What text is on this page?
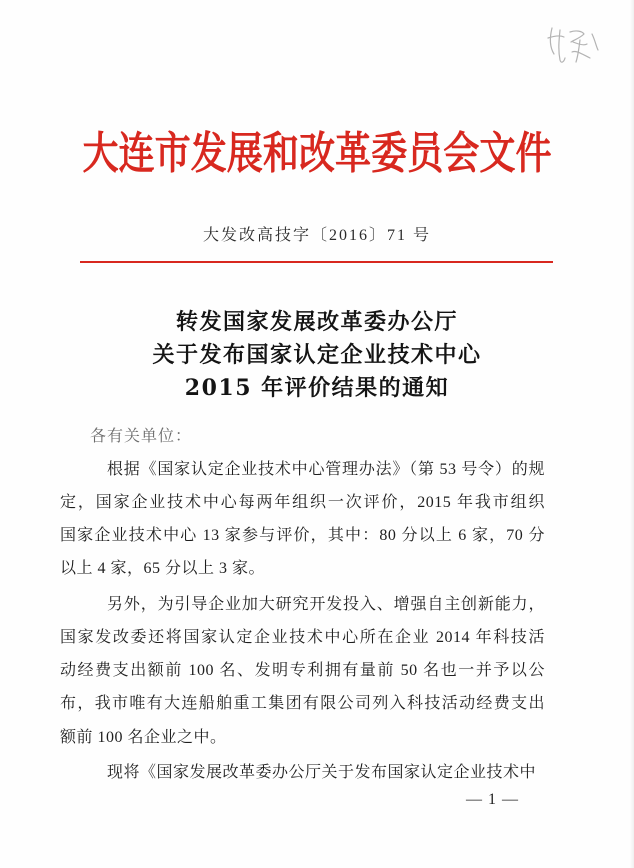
大连市发展和改革委员会文件
大发改高技字〔2016〕71 号
转发国家发展改革委办公厅
关于发布国家认定企业技术中心
2015 年评价结果的通知
各有关单位：
根据《国家认定企业技术中心管理办法》（第 53 号令）的规
定，国家企业技术中心每两年组织一次评价，2015 年我市组织
国家企业技术中心 13 家参与评价，其中：80 分以上 6 家，70 分
以上 4 家，65 分以上 3 家。
另外，为引导企业加大研究开发投入、增强自主创新能力，
国家发改委还将国家认定企业技术中心所在企业 2014 年科技活
动经费支出额前 100 名、发明专利拥有量前 50 名也一并予以公
布，我市唯有大连船舶重工集团有限公司列入科技活动经费支出
额前 100 名企业之中。
现将《国家发展改革委办公厅关于发布国家认定企业技术中
— 1 —
